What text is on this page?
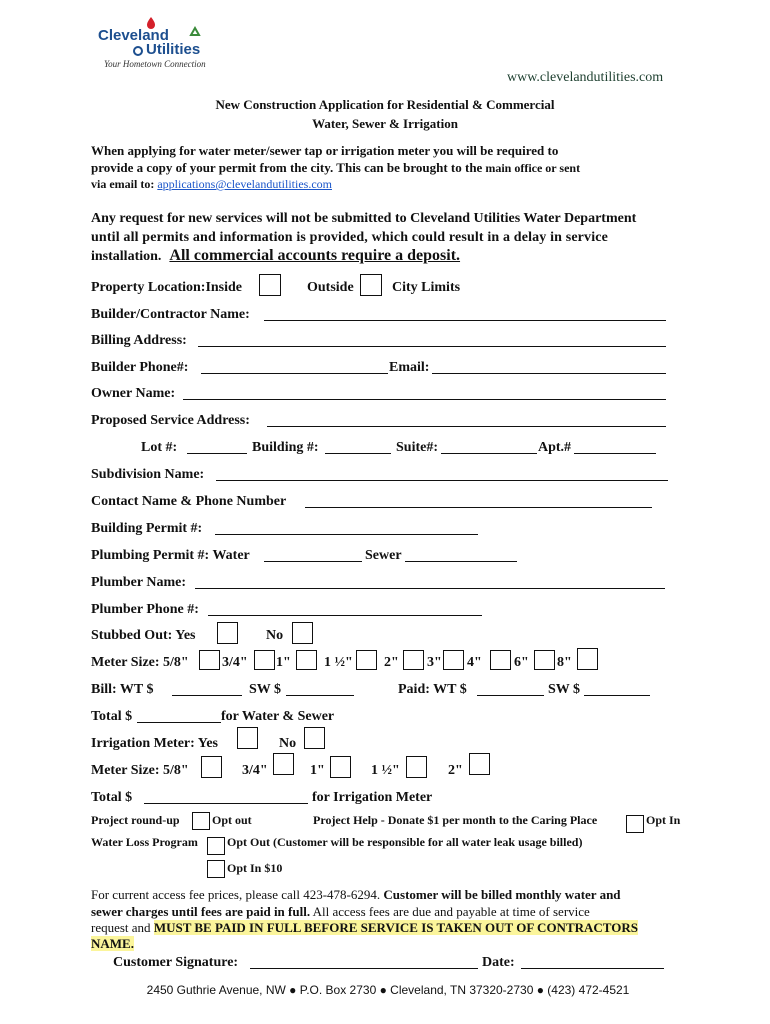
Cleveland
Utilities
Your Hometown Connection
www.clevelandutilities.com
New Construction Application for Residential & Commercial
Water, Sewer & Irrigation
When applying for water meter/sewer tap or irrigation meter you will be required to
provide a copy of your permit from the city. This can be brought to the main office or sent
via email to: applications@clevelandutilities.com
Any request for new services will not be submitted to Cleveland Utilities Water Department
until all permits and information is provided, which could result in a delay in service
installation. All commercial accounts require a deposit.
Property Location:Inside	Outside	City Limits
Builder/Contractor Name:
Billing Address:
Builder Phone#:	Email:
Owner Name:
Proposed Service Address:
Lot #:	Building #:	Suite#:	Apt.#
Subdivision Name:
Contact Name & Phone Number
Building Permit #:
Plumbing Permit #: Water	Sewer
Plumber Name:
Plumber Phone #:
Stubbed Out: Yes	No
Meter Size: 5/8" 3/4" 1" 1 ½" 2" 3" 4" 6" 8"
Bill: WT $	SW $	Paid: WT $	SW $
Total $	for Water & Sewer
Irrigation Meter: Yes	No
Meter Size: 5/8"	3/4"	1"	1 ½"	2"
Total $	for Irrigation Meter
Project round-up	Opt out	Project Help - Donate $1 per month to the Caring Place	Opt In
Water Loss Program Opt Out (Customer will be responsible for all water leak usage billed)
Opt In $10
For current access fee prices, please call 423-478-6294. Customer will be billed monthly water and
sewer charges until fees are paid in full. All access fees are due and payable at time of service
request and MUST BE PAID IN FULL BEFORE SERVICE IS TAKEN OUT OF CONTRACTORS
NAME.
Customer Signature:	Date:
2450 Guthrie Avenue, NW ● P.O. Box 2730 ● Cleveland, TN 37320-2730 ● (423) 472-4521
